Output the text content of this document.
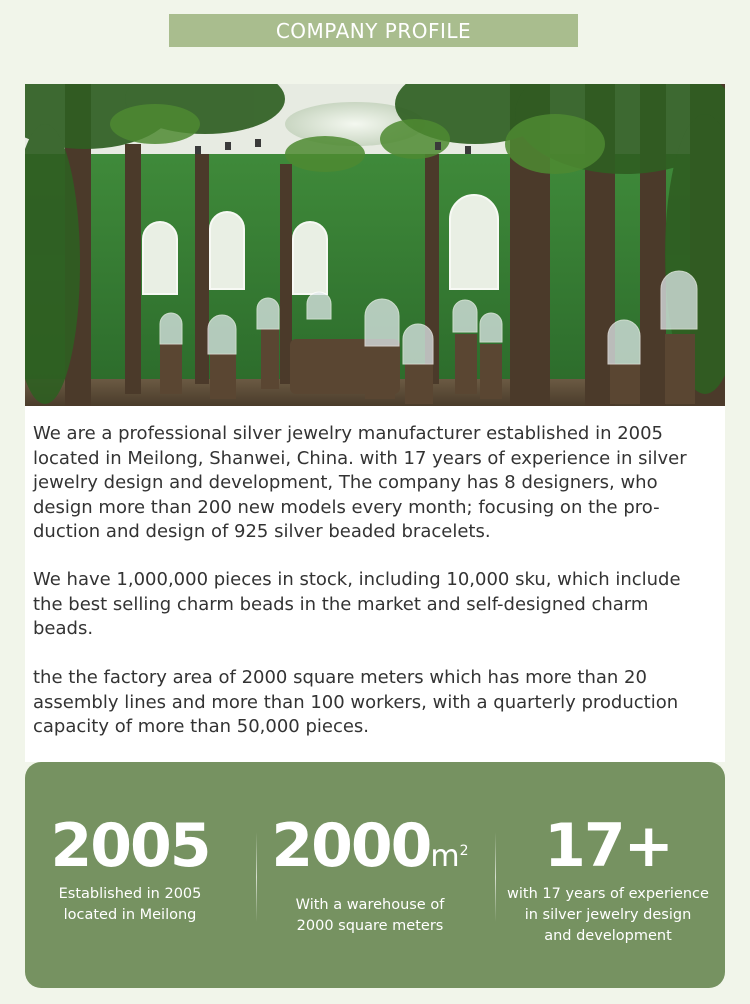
COMPANY PROFILE

We are a professional silver jewelry manufacturer established in 2005
located in Meilong, Shanwei, China. with 17 years of experience in silver
jewelry design and development, The company has 8 designers, who
design more than 200 new models every month; focusing on the pro-
duction and design of 925 silver beaded bracelets.

We have 1,000,000 pieces in stock, including 10,000 sku, which include
the best selling charm beads in the market and self-designed charm
beads.

the the factory area of 2000 square meters which has more than 20
assembly lines and more than 100 workers, with a quarterly production
capacity of more than 50,000 pieces.

2005
Established in 2005
located in Meilong
$2000m^2$
With a warehouse of
2000 square meters
17+
with 17 years of experience
in silver jewelry design
and development
